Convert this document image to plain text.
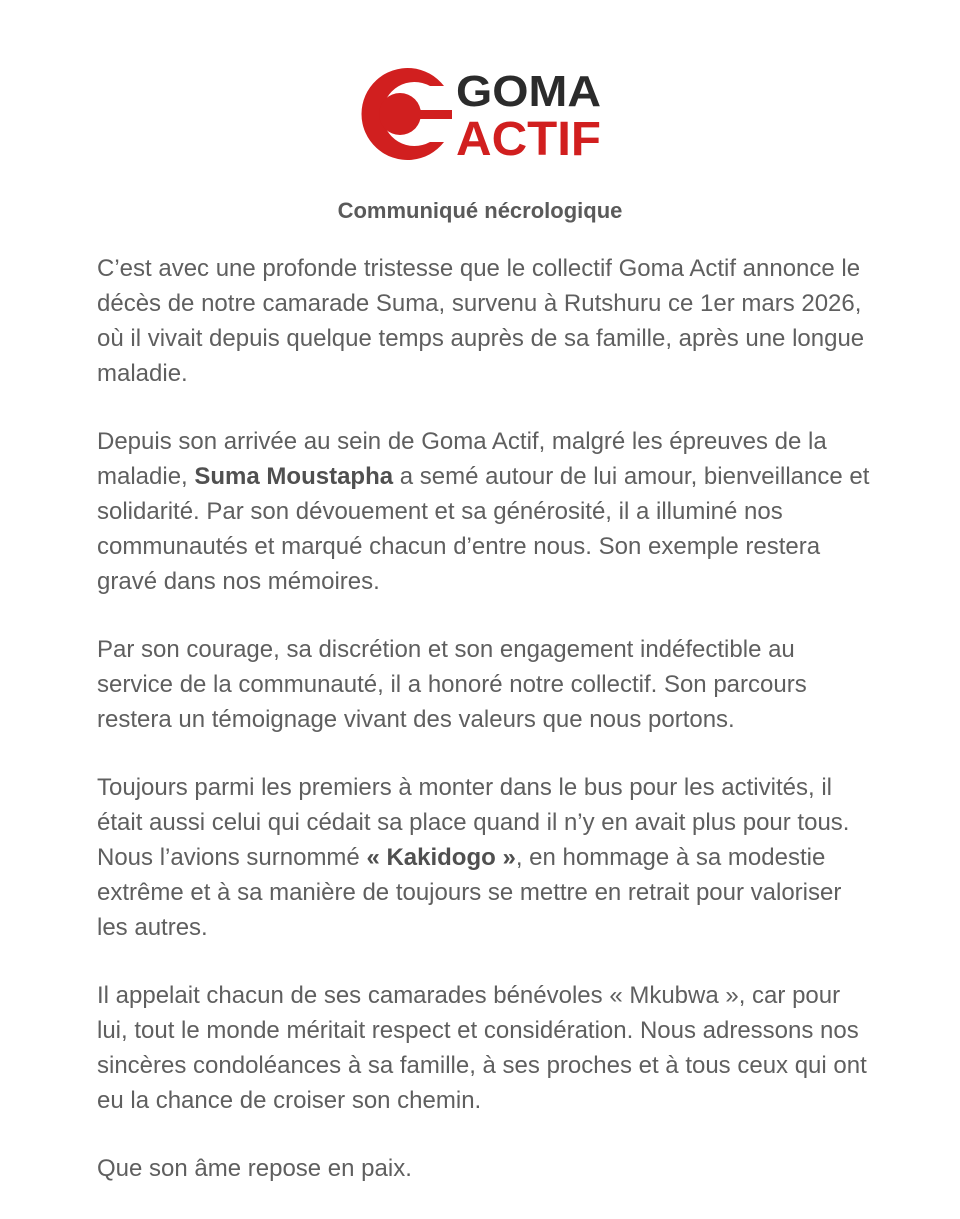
GOMA
ACTIF
Communiqué nécrologique

C’est avec une profonde tristesse que le collectif Goma Actif annonce le décès de notre camarade Suma, survenu à Rutshuru ce 1er mars 2026, où il vivait depuis quelque temps auprès de sa famille, après une longue maladie.

Depuis son arrivée au sein de Goma Actif, malgré les épreuves de la maladie, Suma Moustapha a semé autour de lui amour, bienveillance et solidarité. Par son dévouement et sa générosité, il a illuminé nos communautés et marqué chacun d’entre nous. Son exemple restera gravé dans nos mémoires.

Par son courage, sa discrétion et son engagement indéfectible au service de la communauté, il a honoré notre collectif. Son parcours restera un témoignage vivant des valeurs que nous portons.

Toujours parmi les premiers à monter dans le bus pour les activités, il était aussi celui qui cédait sa place quand il n’y en avait plus pour tous. Nous l’avions surnommé « Kakidogo », en hommage à sa modestie extrême et à sa manière de toujours se mettre en retrait pour valoriser les autres.

Il appelait chacun de ses camarades bénévoles « Mkubwa », car pour lui, tout le monde méritait respect et considération. Nous adressons nos sincères condoléances à sa famille, à ses proches et à tous ceux qui ont eu la chance de croiser son chemin.

Que son âme repose en paix.
